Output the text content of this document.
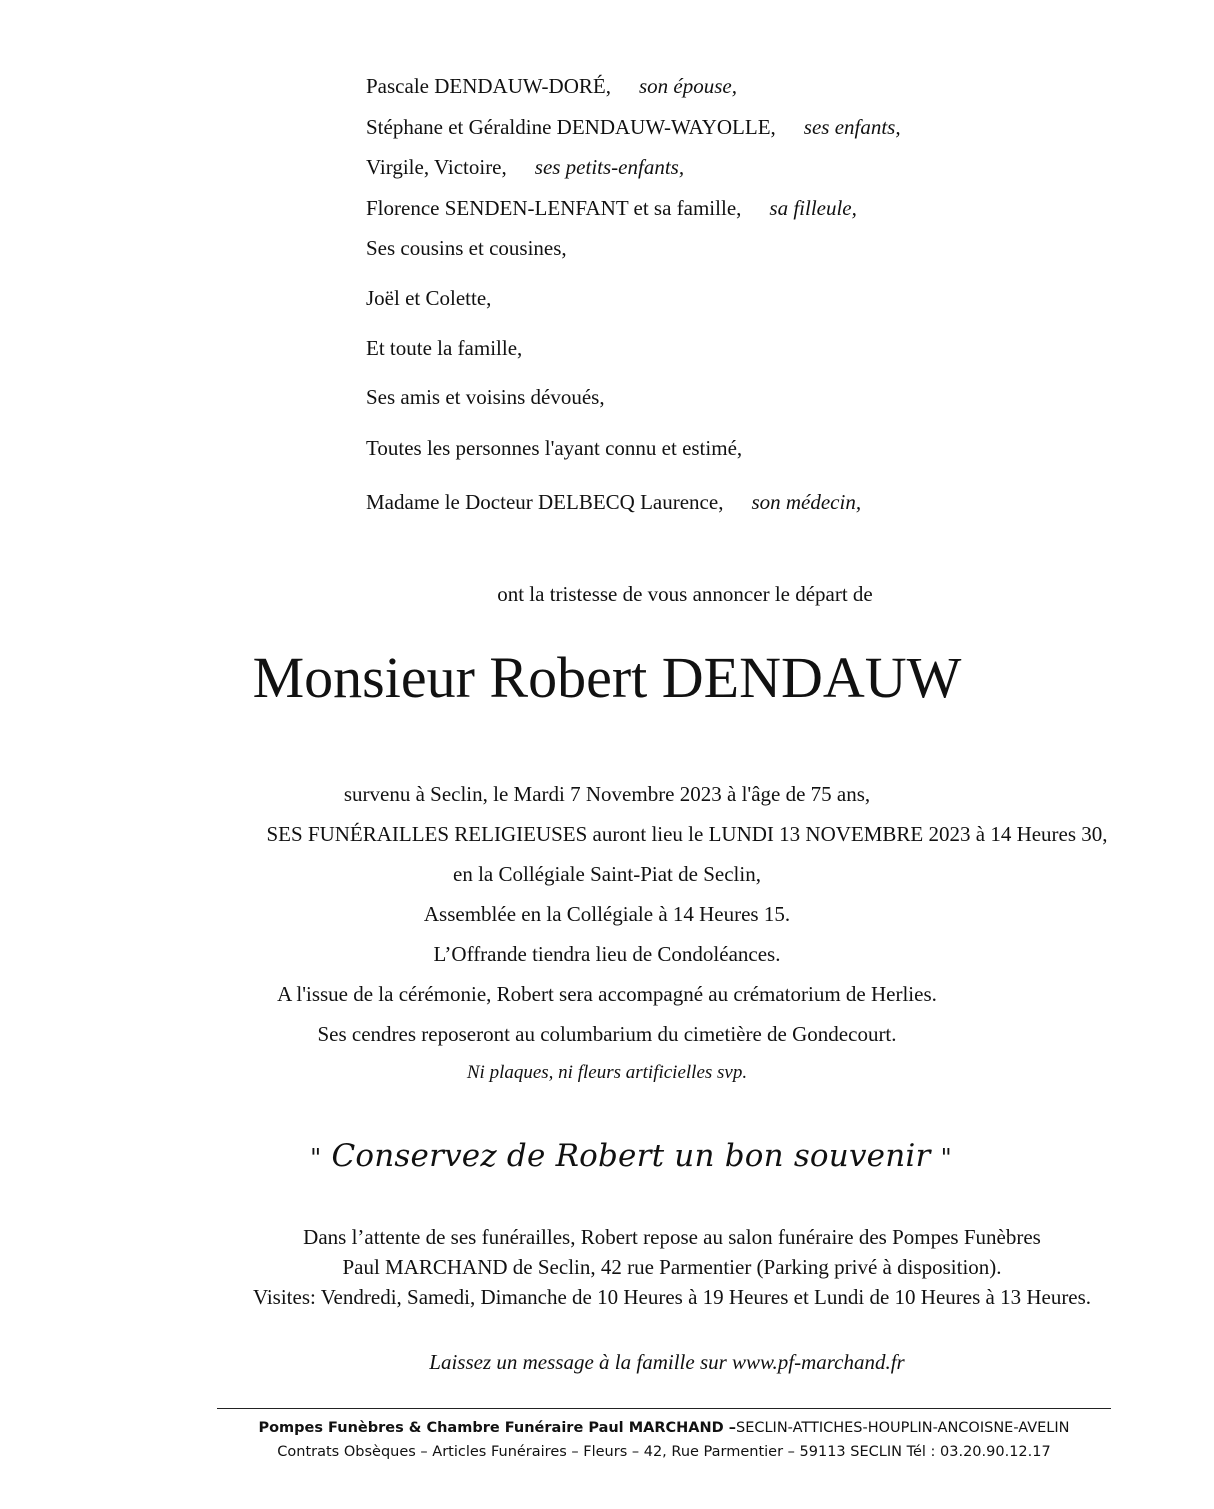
Pascale DENDAUW-DORÉ, son épouse,
Stéphane et Géraldine DENDAUW-WAYOLLE, ses enfants,
Virgile, Victoire, ses petits-enfants,
Florence SENDEN-LENFANT et sa famille, sa filleule,
Ses cousins et cousines,
Joël et Colette,
Et toute la famille,
Ses amis et voisins dévoués,
Toutes les personnes l'ayant connu et estimé,
Madame le Docteur DELBECQ Laurence, son médecin,
ont la tristesse de vous annoncer le départ de
Monsieur Robert DENDAUW
survenu à Seclin, le Mardi 7 Novembre 2023 à l'âge de 75 ans,
SES FUNÉRAILLES RELIGIEUSES auront lieu le LUNDI 13 NOVEMBRE 2023 à 14 Heures 30,
en la Collégiale Saint-Piat de Seclin,
Assemblée en la Collégiale à 14 Heures 15.
L’Offrande tiendra lieu de Condoléances.
A l'issue de la cérémonie, Robert sera accompagné au crématorium de Herlies.
Ses cendres reposeront au columbarium du cimetière de Gondecourt.
Ni plaques, ni fleurs artificielles svp.
" Conservez de Robert un bon souvenir "
Dans l’attente de ses funérailles, Robert repose au salon funéraire des Pompes Funèbres
Paul MARCHAND de Seclin, 42 rue Parmentier (Parking privé à disposition).
Visites: Vendredi, Samedi, Dimanche de 10 Heures à 19 Heures et Lundi de 10 Heures à 13 Heures.
Laissez un message à la famille sur www.pf-marchand.fr
Pompes Funèbres & Chambre Funéraire Paul MARCHAND –SECLIN-ATTICHES-HOUPLIN-ANCOISNE-AVELIN
Contrats Obsèques – Articles Funéraires – Fleurs – 42, Rue Parmentier – 59113 SECLIN Tél : 03.20.90.12.17
